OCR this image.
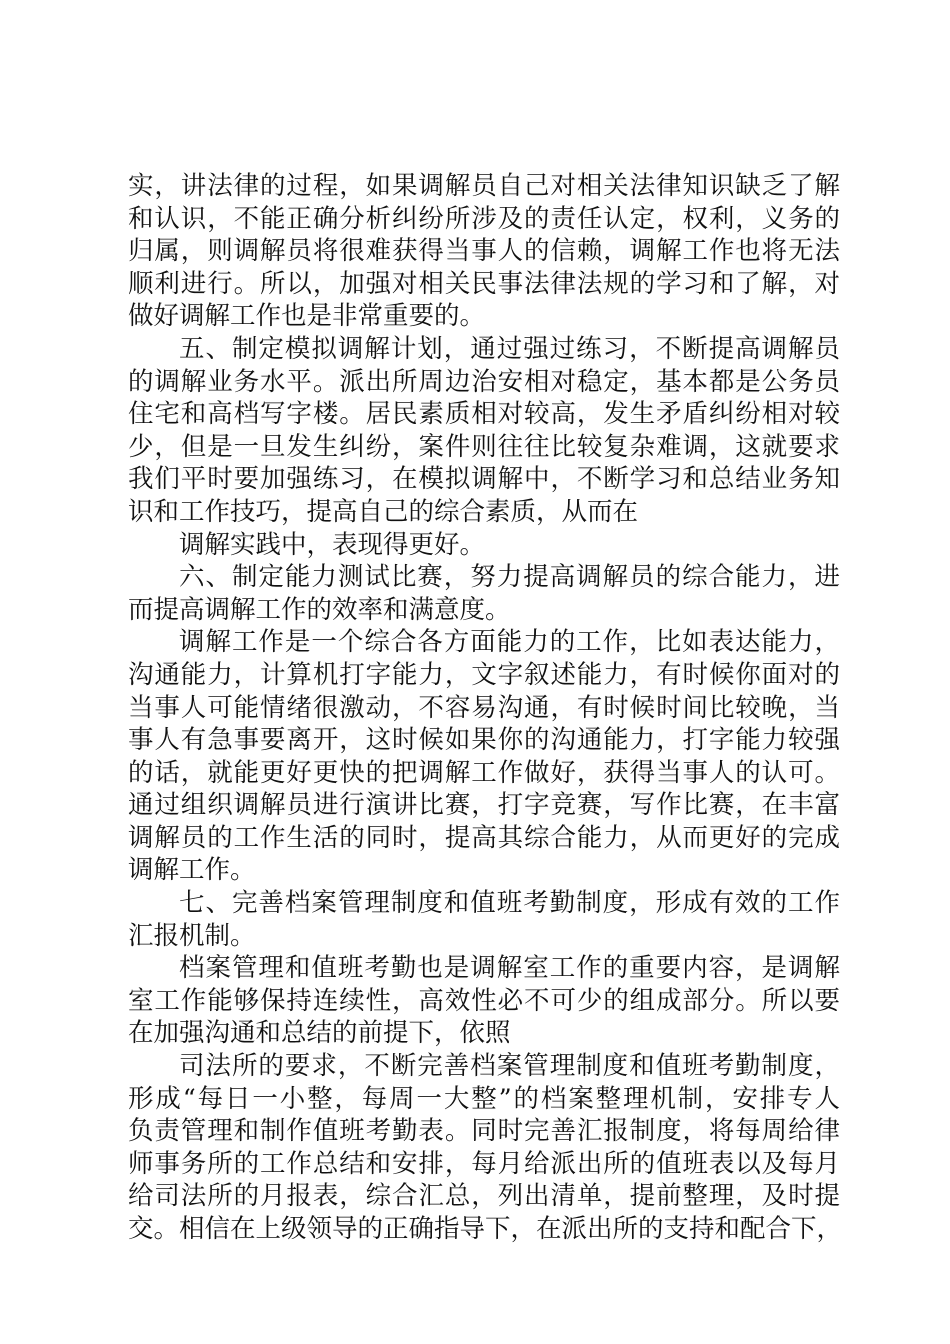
实，讲法律的过程，如果调解员自己对相关法律知识缺乏了解
和认识，不能正确分析纠纷所涉及的责任认定，权利，义务的
归属，则调解员将很难获得当事人的信赖，调解工作也将无法
顺利进行。所以，加强对相关民事法律法规的学习和了解，对
做好调解工作也是非常重要的。
五、制定模拟调解计划，通过强过练习，不断提高调解员
的调解业务水平。派出所周边治安相对稳定，基本都是公务员
住宅和高档写字楼。居民素质相对较高，发生矛盾纠纷相对较
少，但是一旦发生纠纷，案件则往往比较复杂难调，这就要求
我们平时要加强练习，在模拟调解中，不断学习和总结业务知
识和工作技巧，提高自己的综合素质，从而在
调解实践中，表现得更好。
六、制定能力测试比赛，努力提高调解员的综合能力，进
而提高调解工作的效率和满意度。
调解工作是一个综合各方面能力的工作，比如表达能力，
沟通能力，计算机打字能力，文字叙述能力，有时候你面对的
当事人可能情绪很激动，不容易沟通，有时候时间比较晚，当
事人有急事要离开，这时候如果你的沟通能力，打字能力较强
的话，就能更好更快的把调解工作做好，获得当事人的认可。
通过组织调解员进行演讲比赛，打字竞赛，写作比赛，在丰富
调解员的工作生活的同时，提高其综合能力，从而更好的完成
调解工作。
七、完善档案管理制度和值班考勤制度，形成有效的工作
汇报机制。
档案管理和值班考勤也是调解室工作的重要内容，是调解
室工作能够保持连续性，高效性必不可少的组成部分。所以要
在加强沟通和总结的前提下，依照
司法所的要求，不断完善档案管理制度和值班考勤制度，
形成“每日一小整，每周一大整”的档案整理机制，安排专人
负责管理和制作值班考勤表。同时完善汇报制度，将每周给律
师事务所的工作总结和安排，每月给派出所的值班表以及每月
给司法所的月报表，综合汇总，列出清单，提前整理，及时提
交。相信在上级领导的正确指导下，在派出所的支持和配合下，
